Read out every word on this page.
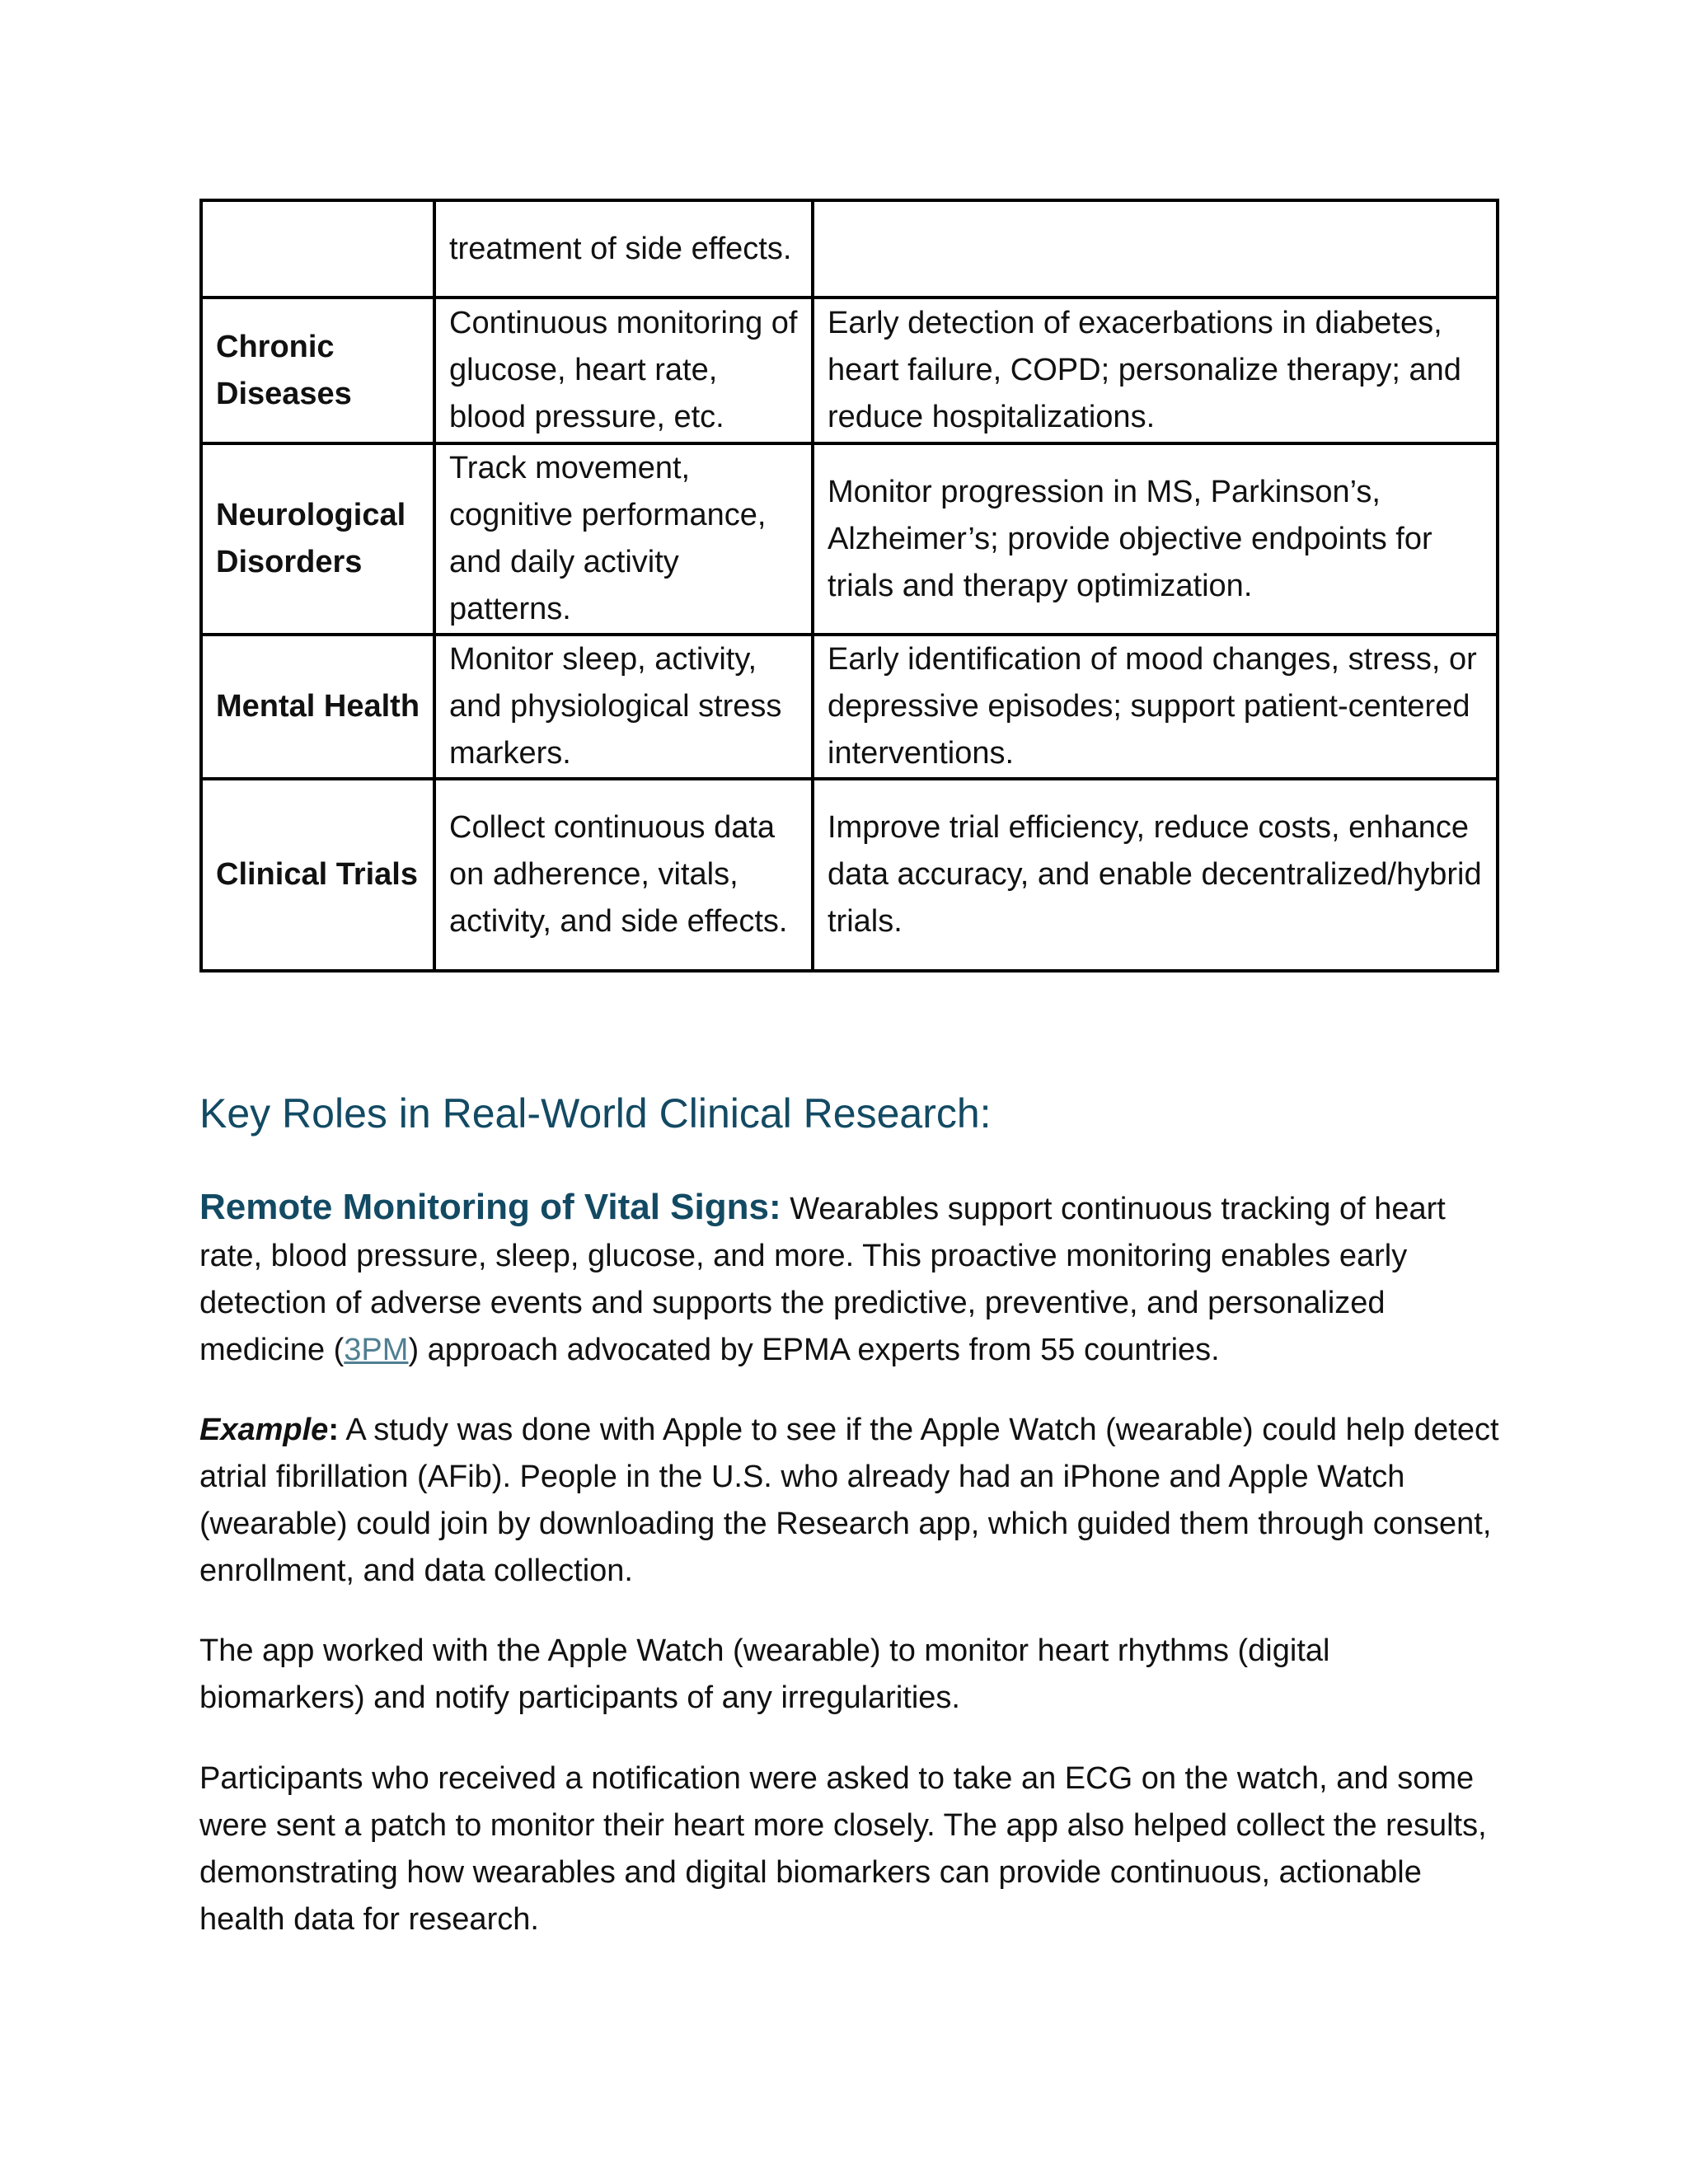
	treatment of side effects.	
Chronic Diseases	Continuous monitoring of glucose, heart rate, blood pressure, etc.	Early detection of exacerbations in diabetes, heart failure, COPD; personalize therapy; and reduce hospitalizations.
Neurological Disorders	Track movement, cognitive performance, and daily activity patterns.	Monitor progression in MS, Parkinson’s, Alzheimer’s; provide objective endpoints for trials and therapy optimization.
Mental Health	Monitor sleep, activity, and physiological stress markers.	Early identification of mood changes, stress, or depressive episodes; support patient-centered interventions.
Clinical Trials	Collect continuous data on adherence, vitals, activity, and side effects.	Improve trial efficiency, reduce costs, enhance data accuracy, and enable decentralized/hybrid trials.
Key Roles in Real-World Clinical Research:

Remote Monitoring of Vital Signs: Wearables support continuous tracking of heart rate, blood pressure, sleep, glucose, and more. This proactive monitoring enables early detection of adverse events and supports the predictive, preventive, and personalized medicine (3PM) approach advocated by EPMA experts from 55 countries.

Example: A study was done with Apple to see if the Apple Watch (wearable) could help detect atrial fibrillation (AFib). People in the U.S. who already had an iPhone and Apple Watch (wearable) could join by downloading the Research app, which guided them through consent, enrollment, and data collection.

The app worked with the Apple Watch (wearable) to monitor heart rhythms (digital biomarkers) and notify participants of any irregularities.

Participants who received a notification were asked to take an ECG on the watch, and some were sent a patch to monitor their heart more closely. The app also helped collect the results, demonstrating how wearables and digital biomarkers can provide continuous, actionable health data for research.
